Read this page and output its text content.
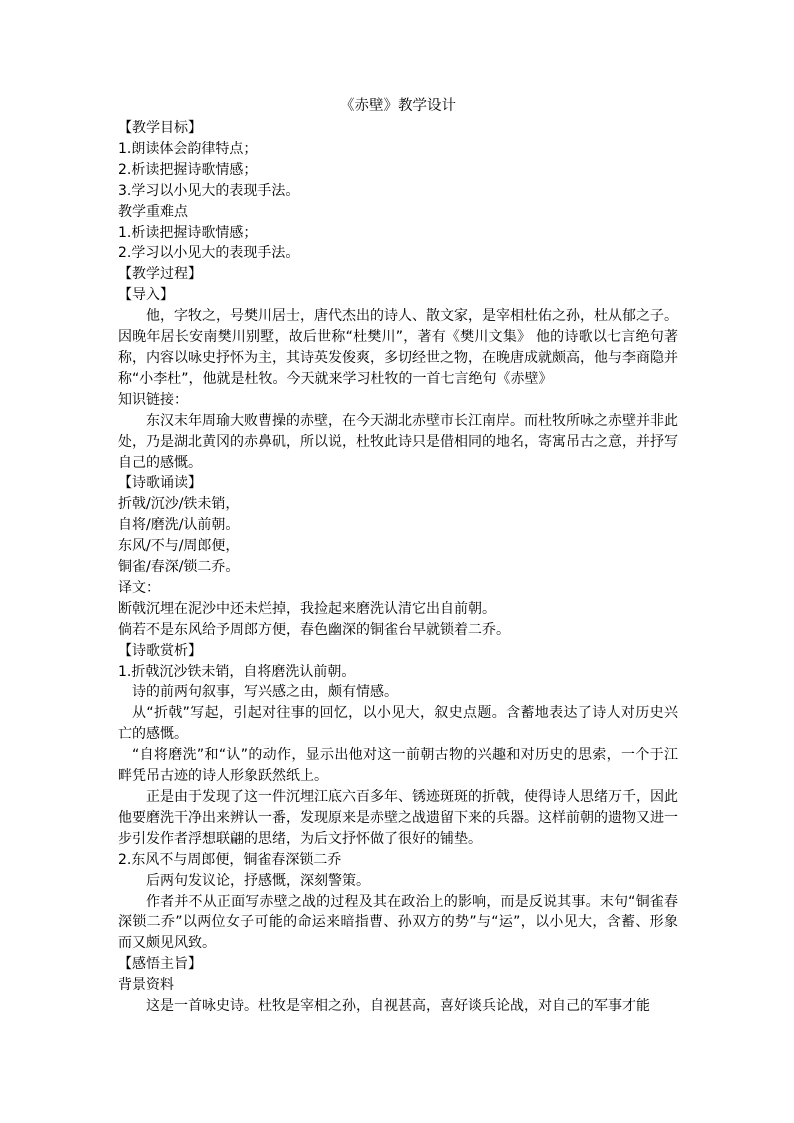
《赤壁》教学设计
【教学目标】
1.朗读体会韵律特点；
2.析读把握诗歌情感；
3.学习以小见大的表现手法。
教学重难点
1.析读把握诗歌情感；
2.学习以小见大的表现手法。
【教学过程】
【导入】
他，字牧之，号樊川居士，唐代杰出的诗人、散文家，是宰相杜佑之孙，杜从郁之子。因晚年居长安南樊川别墅，故后世称“杜樊川”，著有《樊川文集》 他的诗歌以七言绝句著称，内容以咏史抒怀为主，其诗英发俊爽，多切经世之物，在晚唐成就颇高，他与李商隐并称“小李杜”，他就是杜牧。今天就来学习杜牧的一首七言绝句《赤壁》
知识链接：
东汉末年周瑜大败曹操的赤壁，在今天湖北赤壁市长江南岸。而杜牧所咏之赤壁并非此处，乃是湖北黄冈的赤鼻矶，所以说，杜牧此诗只是借相同的地名，寄寓吊古之意，并抒写自己的感慨。
【诗歌诵读】
折戟/沉沙/铁未销，
自将/磨洗/认前朝。
东风/不与/周郎便，
铜雀/春深/锁二乔。
译文：
断戟沉埋在泥沙中还未烂掉，我捡起来磨洗认清它出自前朝。
倘若不是东风给予周郎方便，春色幽深的铜雀台早就锁着二乔。
【诗歌赏析】
1.折戟沉沙铁未销，自将磨洗认前朝。
诗的前两句叙事，写兴感之由，颇有情感。
从“折戟”写起，引起对往事的回忆，以小见大，叙史点题。含蓄地表达了诗人对历史兴亡的感慨。
“自将磨洗”和“认”的动作，显示出他对这一前朝古物的兴趣和对历史的思索，一个于江畔凭吊古迹的诗人形象跃然纸上。
正是由于发现了这一件沉埋江底六百多年、锈迹斑斑的折戟，使得诗人思绪万千，因此他要磨洗干净出来辨认一番，发现原来是赤壁之战遗留下来的兵器。这样前朝的遗物又进一步引发作者浮想联翩的思绪，为后文抒怀做了很好的铺垫。
2.东风不与周郎便，铜雀春深锁二乔
后两句发议论，抒感慨，深刻警策。
作者并不从正面写赤壁之战的过程及其在政治上的影响，而是反说其事。末句“铜雀春深锁二乔”以两位女子可能的命运来暗指曹、孙双方的势”与“运”，以小见大，含蓄、形象而又颇见风致。
【感悟主旨】
背景资料
这是一首咏史诗。杜牧是宰相之孙，自视甚高，喜好谈兵论战，对自己的军事才能
